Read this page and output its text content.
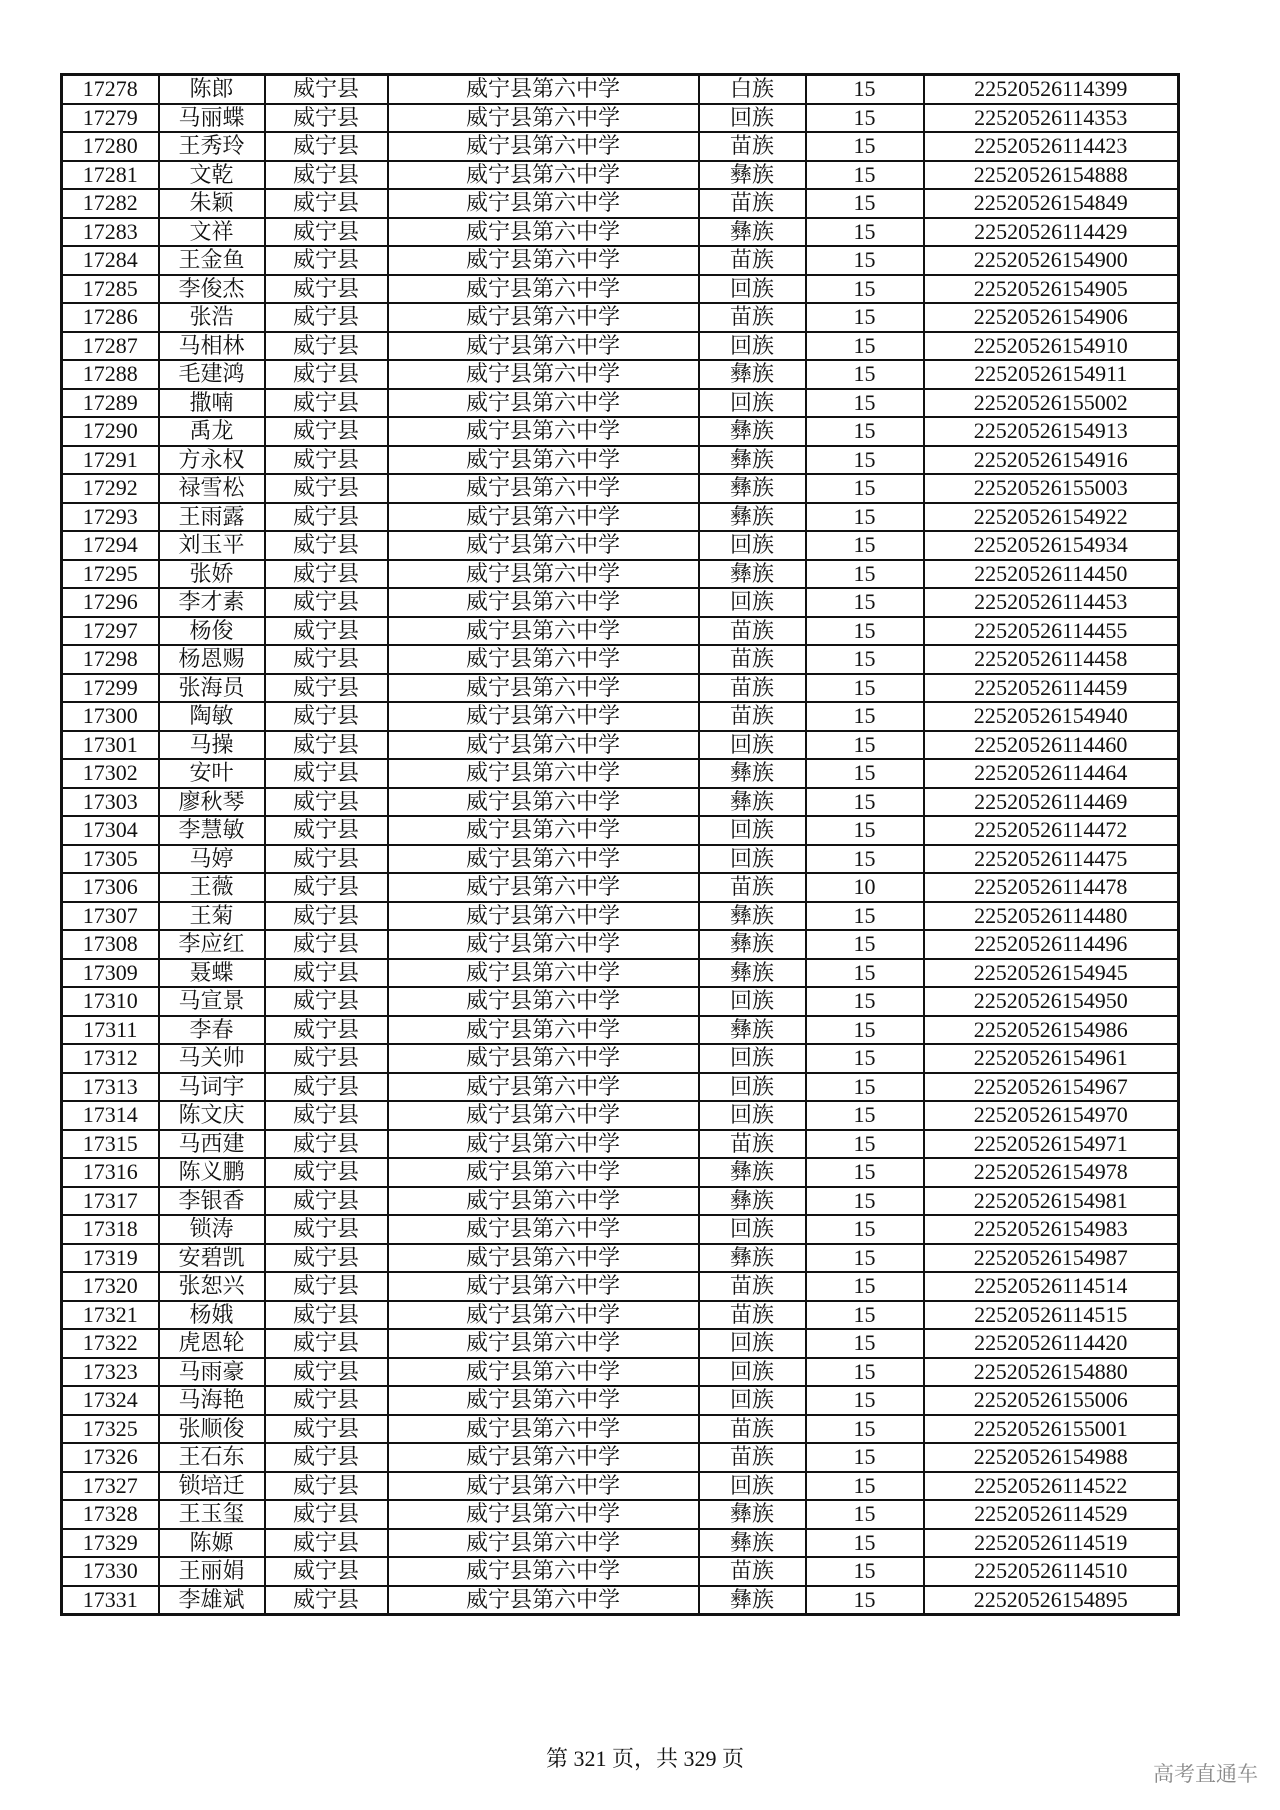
17278	陈郎	威宁县	威宁县第六中学	白族	15	22520526114399
17279	马丽蝶	威宁县	威宁县第六中学	回族	15	22520526114353
17280	王秀玲	威宁县	威宁县第六中学	苗族	15	22520526114423
17281	文乾	威宁县	威宁县第六中学	彝族	15	22520526154888
17282	朱颖	威宁县	威宁县第六中学	苗族	15	22520526154849
17283	文祥	威宁县	威宁县第六中学	彝族	15	22520526114429
17284	王金鱼	威宁县	威宁县第六中学	苗族	15	22520526154900
17285	李俊杰	威宁县	威宁县第六中学	回族	15	22520526154905
17286	张浩	威宁县	威宁县第六中学	苗族	15	22520526154906
17287	马相林	威宁县	威宁县第六中学	回族	15	22520526154910
17288	毛建鸿	威宁县	威宁县第六中学	彝族	15	22520526154911
17289	撒喃	威宁县	威宁县第六中学	回族	15	22520526155002
17290	禹龙	威宁县	威宁县第六中学	彝族	15	22520526154913
17291	方永权	威宁县	威宁县第六中学	彝族	15	22520526154916
17292	禄雪松	威宁县	威宁县第六中学	彝族	15	22520526155003
17293	王雨露	威宁县	威宁县第六中学	彝族	15	22520526154922
17294	刘玉平	威宁县	威宁县第六中学	回族	15	22520526154934
17295	张娇	威宁县	威宁县第六中学	彝族	15	22520526114450
17296	李才素	威宁县	威宁县第六中学	回族	15	22520526114453
17297	杨俊	威宁县	威宁县第六中学	苗族	15	22520526114455
17298	杨恩赐	威宁县	威宁县第六中学	苗族	15	22520526114458
17299	张海员	威宁县	威宁县第六中学	苗族	15	22520526114459
17300	陶敏	威宁县	威宁县第六中学	苗族	15	22520526154940
17301	马操	威宁县	威宁县第六中学	回族	15	22520526114460
17302	安叶	威宁县	威宁县第六中学	彝族	15	22520526114464
17303	廖秋琴	威宁县	威宁县第六中学	彝族	15	22520526114469
17304	李慧敏	威宁县	威宁县第六中学	回族	15	22520526114472
17305	马婷	威宁县	威宁县第六中学	回族	15	22520526114475
17306	王薇	威宁县	威宁县第六中学	苗族	10	22520526114478
17307	王菊	威宁县	威宁县第六中学	彝族	15	22520526114480
17308	李应红	威宁县	威宁县第六中学	彝族	15	22520526114496
17309	聂蝶	威宁县	威宁县第六中学	彝族	15	22520526154945
17310	马宣景	威宁县	威宁县第六中学	回族	15	22520526154950
17311	李春	威宁县	威宁县第六中学	彝族	15	22520526154986
17312	马关帅	威宁县	威宁县第六中学	回族	15	22520526154961
17313	马词宇	威宁县	威宁县第六中学	回族	15	22520526154967
17314	陈文庆	威宁县	威宁县第六中学	回族	15	22520526154970
17315	马西建	威宁县	威宁县第六中学	苗族	15	22520526154971
17316	陈义鹏	威宁县	威宁县第六中学	彝族	15	22520526154978
17317	李银香	威宁县	威宁县第六中学	彝族	15	22520526154981
17318	锁涛	威宁县	威宁县第六中学	回族	15	22520526154983
17319	安碧凯	威宁县	威宁县第六中学	彝族	15	22520526154987
17320	张恕兴	威宁县	威宁县第六中学	苗族	15	22520526114514
17321	杨娥	威宁县	威宁县第六中学	苗族	15	22520526114515
17322	虎恩轮	威宁县	威宁县第六中学	回族	15	22520526114420
17323	马雨豪	威宁县	威宁县第六中学	回族	15	22520526154880
17324	马海艳	威宁县	威宁县第六中学	回族	15	22520526155006
17325	张顺俊	威宁县	威宁县第六中学	苗族	15	22520526155001
17326	王石东	威宁县	威宁县第六中学	苗族	15	22520526154988
17327	锁培迁	威宁县	威宁县第六中学	回族	15	22520526114522
17328	王玉玺	威宁县	威宁县第六中学	彝族	15	22520526114529
17329	陈嫄	威宁县	威宁县第六中学	彝族	15	22520526114519
17330	王丽娟	威宁县	威宁县第六中学	苗族	15	22520526114510
17331	李雄斌	威宁县	威宁县第六中学	彝族	15	22520526154895
第 321 页，共 329 页
高考直通车
